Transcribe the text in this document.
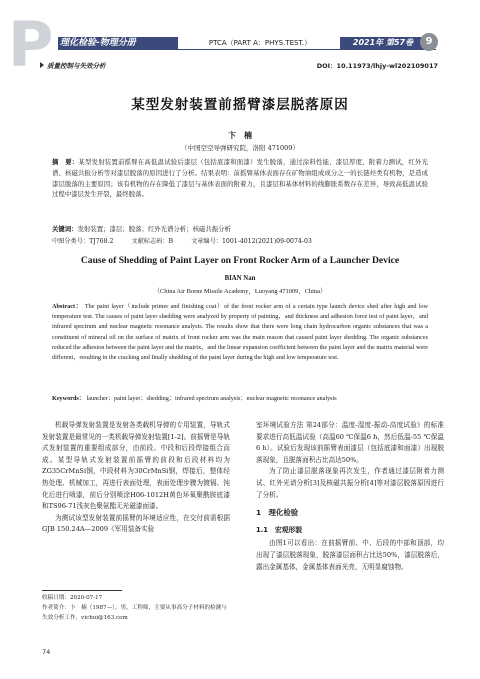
P 理化检验-物理分册	PTCA（PART A：PHYS.TEST.）	2021年 第57卷	9
质量控制与失效分析	DOI：10.11973/lhjy-wl202109017
某型发射装置前摇臂漆层脱落原因
卞　楠
（中国空空导弹研究院，洛阳 471009）
摘　要：某型发射装置前摇臂在高低温试验后漆层（包括底漆和面漆）发生脱落，通过涂料性能、漆层厚度、附着力测试，红外光谱、核磁共振分析等对漆层脱落的原因进行了分析。结果表明：前摇臂基体表面存在矿物油组成成分之一的长链烃类有机物，是造成漆层脱落的主要原因；该有机物的存在降低了漆层与基体表面的附着力，且漆层和基体材料的线膨胀系数存在差异，导致高低温试验过程中漆层发生开裂，最终脱落。
关键词：发射装置；漆层；脱落；红外光谱分析；核磁共振分析
中图分类号：TJ768.2	文献标志码：B	文章编号：1001-4012(2021)09-0074-03
Cause of Shedding of Paint Layer on Front Rocker Arm of a Launcher Device
BIAN Nan
（China Air Borne Missile Academy，Luoyang 471009，China）
Abstract： The paint layer（include primer and finishing coat）of the front rocker arm of a certain type launch device shed after high and low temperature test. The causes of paint layer shedding were analyzed by property of painting，and thickness and adhesion force test of paint layer，and infrared spectrum and nuclear magnetic resonance analysis. The results show that there were long chain hydrocarbon organic substances that was a constituent of mineral oil on the surface of matrix of front rocker arm was the main reason that caused paint layer shedding. The organic substances reduced the adhesion between the paint layer and the matrix，and the linear expansion coefficient between the paint layer and the matrix material were different，resulting in the cracking and finally shedding of the paint layer during the high and low temperature test.
Keywords： launcher；paint layer；shedding；infrared spectrum analysis；nuclear magnetic resonance analysis

机载导弹发射装置是发射各类载机导弹的专用装置，导轨式发射装置是最常见的一类机载导弹发射装置[1-2]。前摇臂是导轨式发射装置的重要组成部分，由前段、中段和后段焊接组合而成。某型导轨式发射装置前摇臂的前段和后段材料均为ZG35CrMnSi钢，中段材料为30CrMnSi钢，焊接后，整体经热处理、机械加工，再进行表面处理，表面处理步骤为镀镉、钝化后进行喷漆，前后分别喷涂H06-1012H黄色环氧聚酰胺底漆和TS96-71浅灰色聚氨酯无光磁漆面漆。

为测试该型发射装置前摇臂的环境适应性，在交付前需根据GJB 150.24A—2009《军用装备实验

室环境试验方法 第24部分：温度-湿度-振动-高度试验》的标准要求进行高低温试验（高温60 ℃保温6 h，然后低温-55 ℃保温6 h）。试验后发现该前摇臂表面漆层（包括底漆和面漆）出现脱落现象，且脱落面积占比高达50%。

为了防止漆层脱落现象再次发生，作者通过漆层附着力测试、红外光谱分析[3]及核磁共振分析[4]等对漆层脱落原因进行了分析。

1　理化检验

1.1　宏观形貌

由图1可以看出：在前摇臂前、中、后段的中部和顶部，均出现了漆层脱落现象，脱落漆层面积占比达50%，漆层脱落后，露出金属基体，金属基体表面光亮，无明显腐蚀物。

收稿日期：2020-07-17
作者简介：卞　楠（1987—），男，工程师，主要从事高分子材料的检测与失效分析工作，vichoi@163.com
74
